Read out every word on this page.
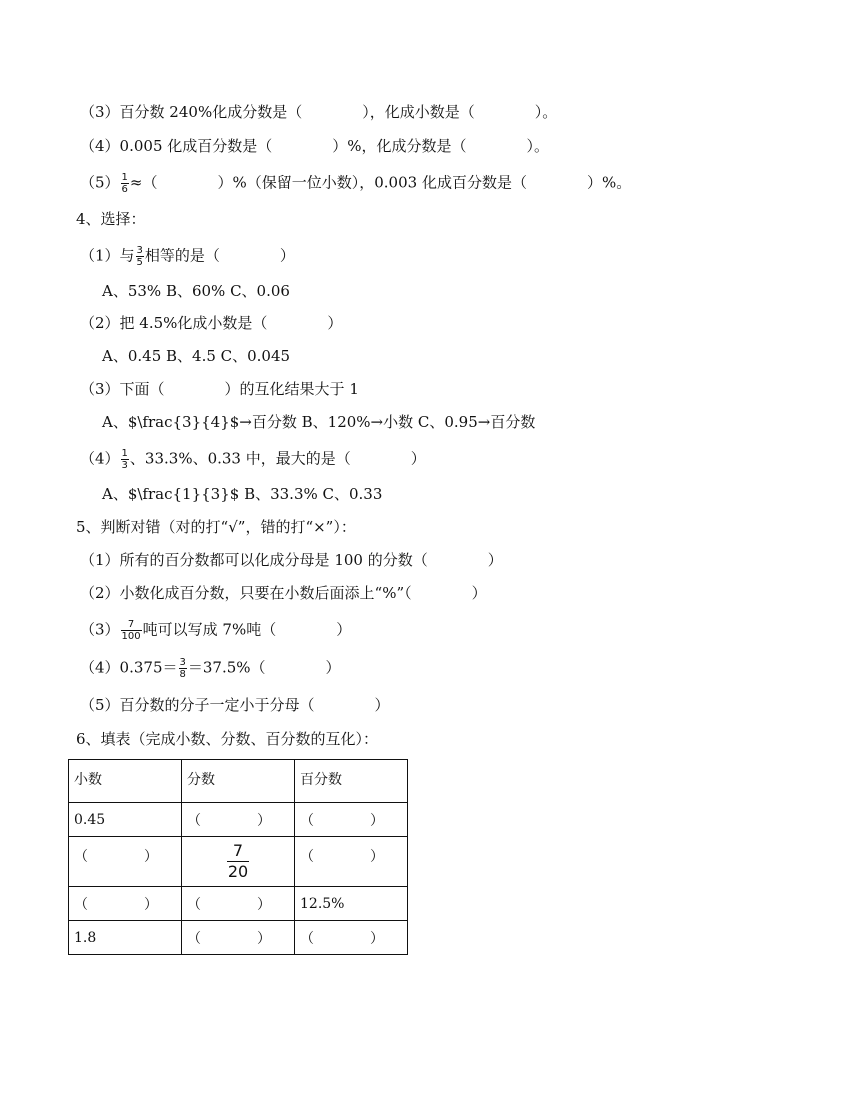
（3）百分数 240%化成分数是（　　　　），化成小数是（　　　　）。
（4）0.005 化成百分数是（　　　　）%，化成分数是（　　　　）。
$(5) \frac{1}{6}$ ≈（　　　　）%（保留一位小数），0.003 化成百分数是（　　　　）%。
4、选择：
（1）与 $\frac{3}{5}$ 相等的是（　　　　）
A、53% B、60% C、0.06
（2）把 4.5%化成小数是（　　　　）
A、0.45 B、4.5 C、0.045
（3）下面（　　　　）的互化结果大于 1
A、$\frac{3}{4}$→百分数 B、120%→小数 C、0.95→百分数
$(4) \frac{1}{3}$ 、33.3%、0.33 中，最大的是（　　　　）
A、$\frac{1}{3}$ B、33.3% C、0.33
5、判断对错（对的打“√”，错的打“×”）：
（1）所有的百分数都可以化成分母是 100 的分数（　　　　）
（2）小数化成百分数，只要在小数后面添上“%”（　　　　）
$(3) \frac{7}{100}$ 吨可以写成 7%吨（　　　　）
$(4)0.375= \frac{3}{8} =37.5\%$（　　　　）
（5）百分数的分子一定小于分母（　　　　）
6、填表（完成小数、分数、百分数的互化）：
小数	分数	百分数
0.45	（　　　　）	（　　　　）
（　　　　）	$\frac{7}{20}$	（　　　　）
（　　　　）	（　　　　）	12.5%
1.8	（　　　　）	（　　　　）
